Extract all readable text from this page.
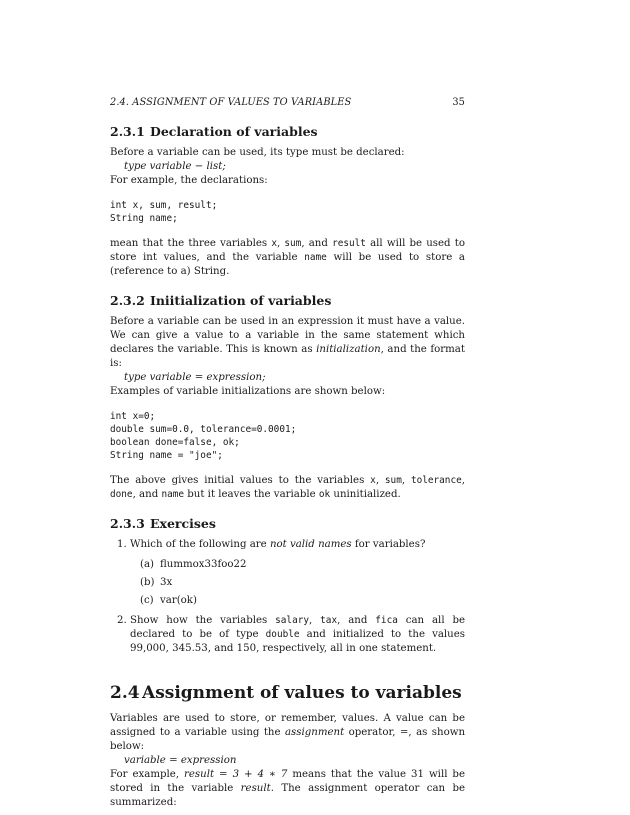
2.4. ASSIGNMENT OF VALUES TO VARIABLES	35
2.3.1 Declaration of variables

Before a variable can be used, its type must be declared:

type variable − list;

For example, the declarations:

int x, sum, result;
String name;

mean that the three variables x, sum, and result all will be used to store int values, and the variable name will be used to store a (reference to a) String.

2.3.2 Iniitialization of variables

Before a variable can be used in an expression it must have a value. We can give a value to a variable in the same statement which declares the variable. This is known as initialization, and the format is:

type variable = expression;

Examples of variable initializations are shown below:

int x=0;
double sum=0.0, tolerance=0.0001;
boolean done=false, ok;
String name = "joe";

The above gives initial values to the variables x, sum, tolerance, done, and name but it leaves the variable ok uninitialized.

2.3.3 Exercises
1. Which of the following are not valid names for variables?
(a) flummox33foo22
(b) 3x
(c) var(ok)
2. Show how the variables salary, tax, and fica can all be declared to be of type double and initialized to the values 99,000, 345.53, and 150, respectively, all in one statement.
2.4 Assignment of values to variables

Variables are used to store, or remember, values. A value can be assigned to a variable using the assignment operator, =, as shown below:

variable = expression

For example, result = 3 + 4 ∗ 7 means that the value 31 will be stored in the variable result. The assignment operator can be summarized:
